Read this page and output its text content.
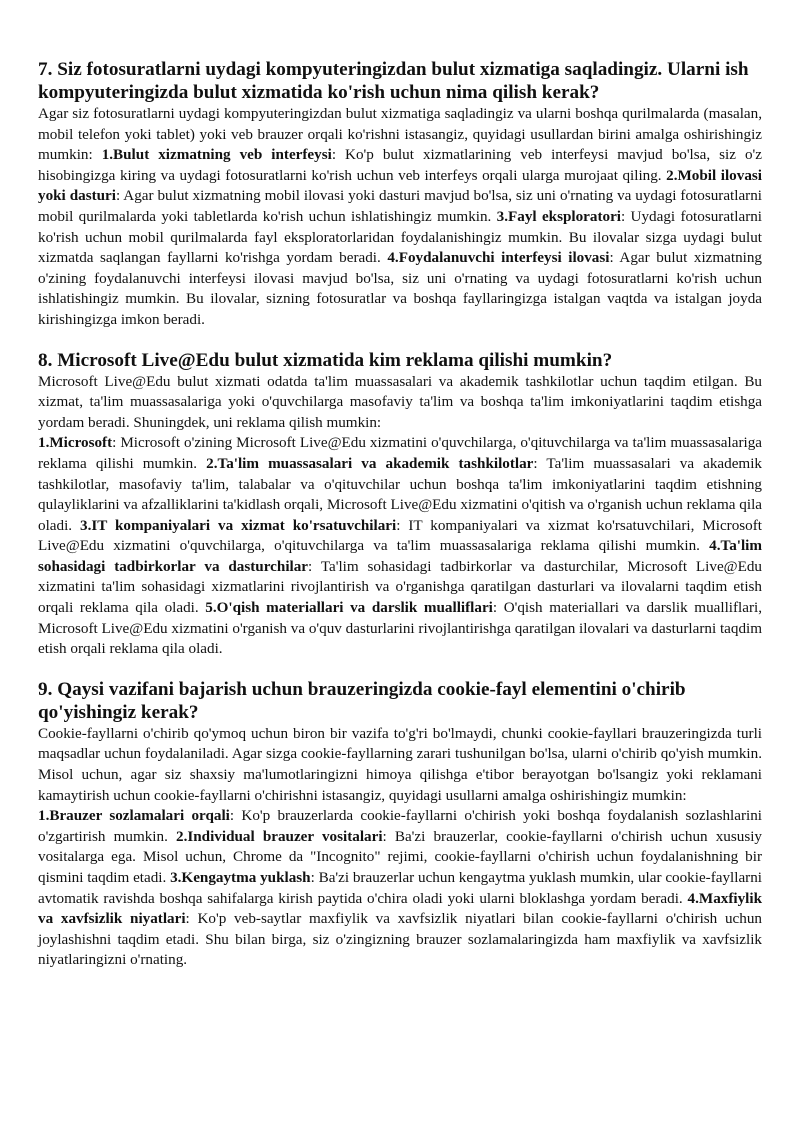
7. Siz fotosuratlarni uydagi kompyuteringizdan bulut xizmatiga saqladingiz. Ularni ish kompyuteringizda bulut xizmatida ko'rish uchun nima qilish kerak?

Agar siz fotosuratlarni uydagi kompyuteringizdan bulut xizmatiga saqladingiz va ularni boshqa qurilmalarda (masalan, mobil telefon yoki tablet) yoki veb brauzer orqali ko'rishni istasangiz, quyidagi usullardan birini amalga oshirishingiz mumkin: 1.Bulut xizmatning veb interfeysi: Ko'p bulut xizmatlarining veb interfeysi mavjud bo'lsa, siz o'z hisobingizga kiring va uydagi fotosuratlarni ko'rish uchun veb interfeys orqali ularga murojaat qiling. 2.Mobil ilovasi yoki dasturi: Agar bulut xizmatning mobil ilovasi yoki dasturi mavjud bo'lsa, siz uni o'rnating va uydagi fotosuratlarni mobil qurilmalarda yoki tabletlarda ko'rish uchun ishlatishingiz mumkin. 3.Fayl eksploratori: Uydagi fotosuratlarni ko'rish uchun mobil qurilmalarda fayl eksploratorlaridan foydalanishingiz mumkin. Bu ilovalar sizga uydagi bulut xizmatda saqlangan fayllarni ko'rishga yordam beradi. 4.Foydalanuvchi interfeysi ilovasi: Agar bulut xizmatning o'zining foydalanuvchi interfeysi ilovasi mavjud bo'lsa, siz uni o'rnating va uydagi fotosuratlarni ko'rish uchun ishlatishingiz mumkin. Bu ilovalar, sizning fotosuratlar va boshqa fayllaringizga istalgan vaqtda va istalgan joyda kirishingizga imkon beradi.

8. Microsoft Live@Edu bulut xizmatida kim reklama qilishi mumkin?

Microsoft Live@Edu bulut xizmati odatda ta'lim muassasalari va akademik tashkilotlar uchun taqdim etilgan. Bu xizmat, ta'lim muassasalariga yoki o'quvchilarga masofaviy ta'lim va boshqa ta'lim imkoniyatlarini taqdim etishga yordam beradi. Shuningdek, uni reklama qilish mumkin:

1.Microsoft: Microsoft o'zining Microsoft Live@Edu xizmatini o'quvchilarga, o'qituvchilarga va ta'lim muassasalariga reklama qilishi mumkin. 2.Ta'lim muassasalari va akademik tashkilotlar: Ta'lim muassasalari va akademik tashkilotlar, masofaviy ta'lim, talabalar va o'qituvchilar uchun boshqa ta'lim imkoniyatlarini taqdim etishning qulayliklarini va afzalliklarini ta'kidlash orqali, Microsoft Live@Edu xizmatini o'qitish va o'rganish uchun reklama qila oladi. 3.IT kompaniyalari va xizmat ko'rsatuvchilari: IT kompaniyalari va xizmat ko'rsatuvchilari, Microsoft Live@Edu xizmatini o'quvchilarga, o'qituvchilarga va ta'lim muassasalariga reklama qilishi mumkin. 4.Ta'lim sohasidagi tadbirkorlar va dasturchilar: Ta'lim sohasidagi tadbirkorlar va dasturchilar, Microsoft Live@Edu xizmatini ta'lim sohasidagi xizmatlarini rivojlantirish va o'rganishga qaratilgan dasturlari va ilovalarni taqdim etish orqali reklama qila oladi. 5.O'qish materiallari va darslik mualliflari: O'qish materiallari va darslik mualliflari, Microsoft Live@Edu xizmatini o'rganish va o'quv dasturlarini rivojlantirishga qaratilgan ilovalari va dasturlarni taqdim etish orqali reklama qila oladi.

9. Qaysi vazifani bajarish uchun brauzeringizda cookie-fayl elementini o'chirib qo'yishingiz kerak?

Cookie-fayllarni o'chirib qo'ymoq uchun biron bir vazifa to'g'ri bo'lmaydi, chunki cookie-fayllari brauzeringizda turli maqsadlar uchun foydalaniladi. Agar sizga cookie-fayllarning zarari tushunilgan bo'lsa, ularni o'chirib qo'yish mumkin. Misol uchun, agar siz shaxsiy ma'lumotlaringizni himoya qilishga e'tibor berayotgan bo'lsangiz yoki reklamani kamaytirish uchun cookie-fayllarni o'chirishni istasangiz, quyidagi usullarni amalga oshirishingiz mumkin:

1.Brauzer sozlamalari orqali: Ko'p brauzerlarda cookie-fayllarni o'chirish yoki boshqa foydalanish sozlashlarini o'zgartirish mumkin. 2.Individual brauzer vositalari: Ba'zi brauzerlar, cookie-fayllarni o'chirish uchun xususiy vositalarga ega. Misol uchun, Chrome da "Incognito" rejimi, cookie-fayllarni o'chirish uchun foydalanishning bir qismini taqdim etadi. 3.Kengaytma yuklash: Ba'zi brauzerlar uchun kengaytma yuklash mumkin, ular cookie-fayllarni avtomatik ravishda boshqa sahifalarga kirish paytida o'chira oladi yoki ularni bloklashga yordam beradi. 4.Maxfiylik va xavfsizlik niyatlari: Ko'p veb-saytlar maxfiylik va xavfsizlik niyatlari bilan cookie-fayllarni o'chirish uchun joylashishni taqdim etadi. Shu bilan birga, siz o'zingizning brauzer sozlamalaringizda ham maxfiylik va xavfsizlik niyatlaringizni o'rnating.
